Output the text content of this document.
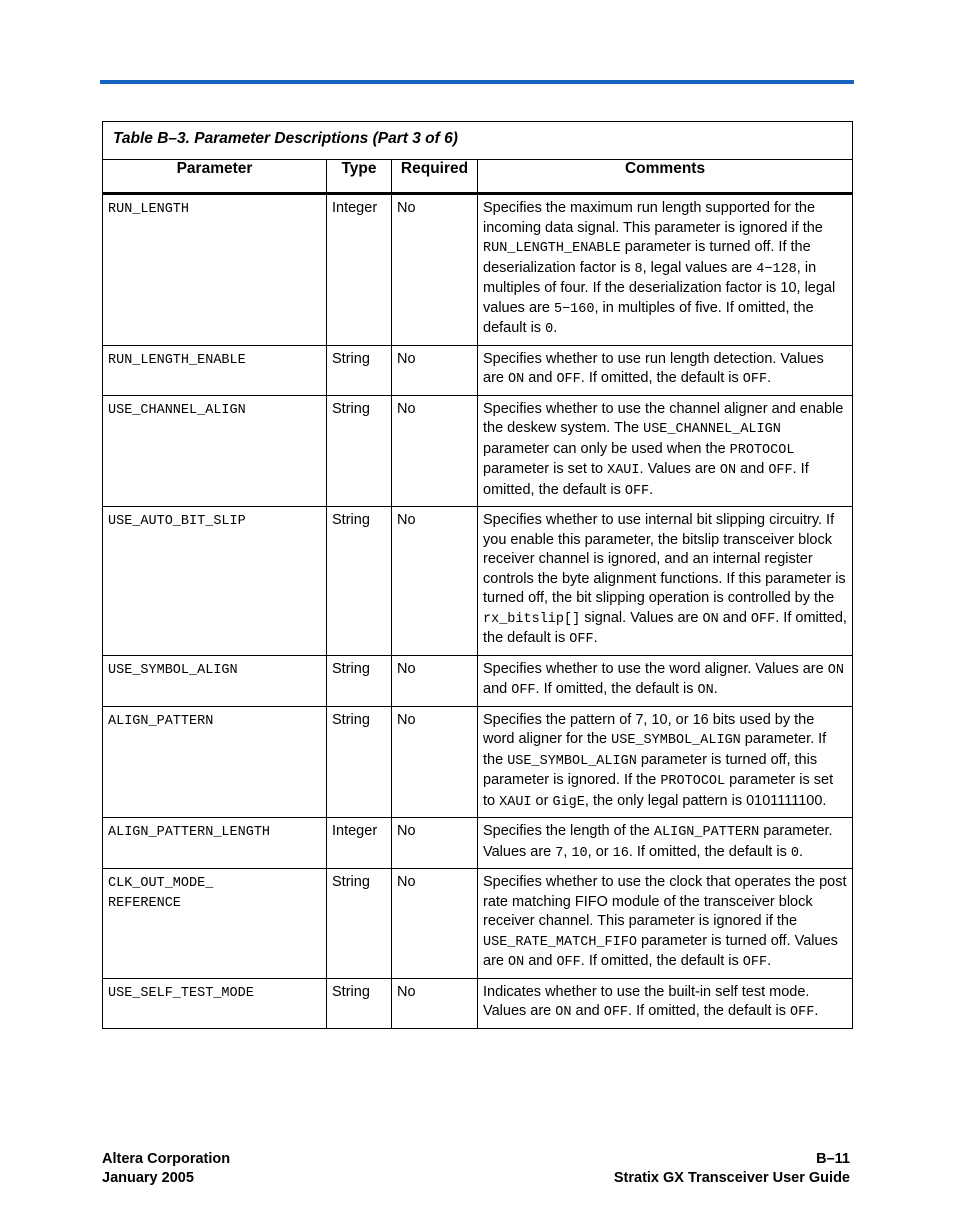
Table B–3. Parameter Descriptions (Part 3 of 6)			
Parameter	Type	Required	Comments
RUN_LENGTH	Integer	No	Specifies the maximum run length supported for the incoming data signal. This parameter is ignored if the RUN_LENGTH_ENABLE parameter is turned off. If the deserialization factor is 8, legal values are 4−128, in multiples of four. If the deserialization factor is 10, legal values are 5−160, in multiples of five. If omitted, the default is 0.
RUN_LENGTH_ENABLE	String	No	Specifies whether to use run length detection. Values are ON and OFF. If omitted, the default is OFF.
USE_CHANNEL_ALIGN	String	No	Specifies whether to use the channel aligner and enable the deskew system. The USE_CHANNEL_ALIGN parameter can only be used when the PROTOCOL parameter is set to XAUI. Values are ON and OFF. If omitted, the default is OFF.
USE_AUTO_BIT_SLIP	String	No	Specifies whether to use internal bit slipping circuitry. If you enable this parameter, the bitslip transceiver block receiver channel is ignored, and an internal register controls the byte alignment functions. If this parameter is turned off, the bit slipping operation is controlled by the rx_bitslip[] signal. Values are ON and OFF. If omitted, the default is OFF.
USE_SYMBOL_ALIGN	String	No	Specifies whether to use the word aligner. Values are ON and OFF. If omitted, the default is ON.
ALIGN_PATTERN	String	No	Specifies the pattern of 7, 10, or 16 bits used by the word aligner for the USE_SYMBOL_ALIGN parameter. If the USE_SYMBOL_ALIGN parameter is turned off, this parameter is ignored. If the PROTOCOL parameter is set to XAUI or GigE, the only legal pattern is 0101111100.
ALIGN_PATTERN_LENGTH	Integer	No	Specifies the length of the ALIGN_PATTERN parameter. Values are 7, 10, or 16. If omitted, the default is 0.
CLK_OUT_MODE_
REFERENCE	String	No	Specifies whether to use the clock that operates the post rate matching FIFO module of the transceiver block receiver channel. This parameter is ignored if the USE_RATE_MATCH_FIFO parameter is turned off. Values are ON and OFF. If omitted, the default is OFF.
USE_SELF_TEST_MODE	String	No	Indicates whether to use the built-in self test mode. Values are ON and OFF. If omitted, the default is OFF.
Altera Corporation
January 2005
B–11
Stratix GX Transceiver User Guide
